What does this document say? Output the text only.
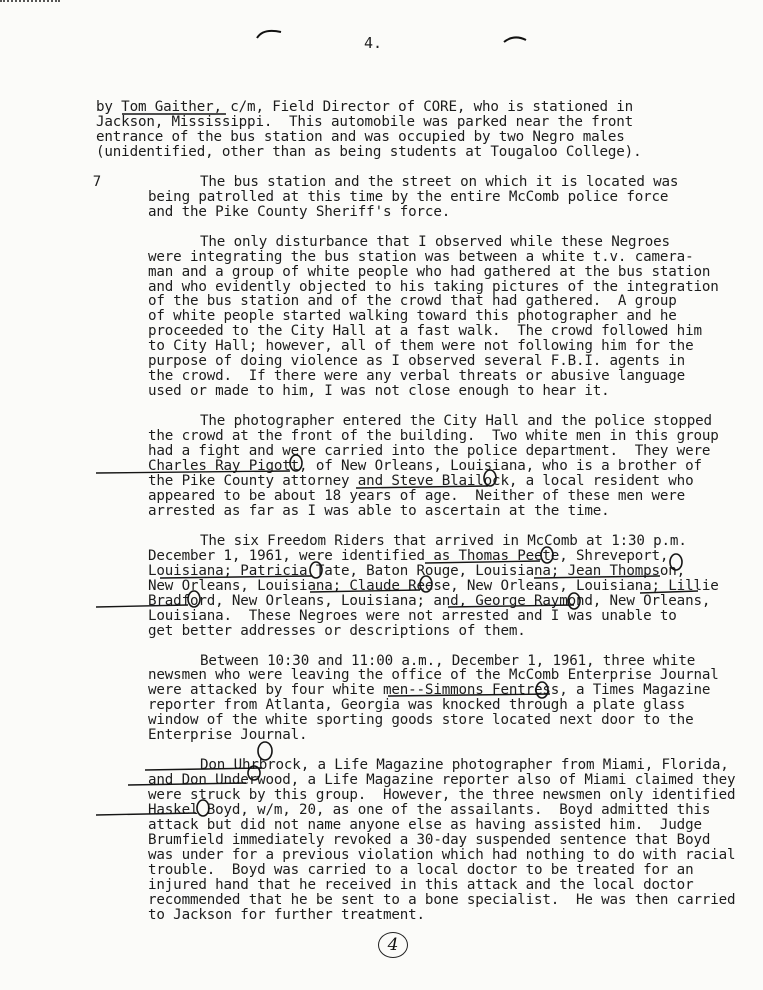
4.
by Tom Gaither, c/m, Field Director of CORE, who is stationed in
Jackson, Mississippi.  This automobile was parked near the front
entrance of the bus station and was occupied by two Negro males
(unidentified, other than as being students at Tougaloo College).
7	The bus station and the street on which it is located was
being patrolled at this time by the entire McComb police force
and the Pike County Sheriff's force.
The only disturbance that I observed while these Negroes
were integrating the bus station was between a white t.v. camera-
man and a group of white people who had gathered at the bus station
and who evidently objected to his taking pictures of the integration
of the bus station and of the crowd that had gathered.  A group
of white people started walking toward this photographer and he
proceeded to the City Hall at a fast walk.  The crowd followed him
to City Hall; however, all of them were not following him for the
purpose of doing violence as I observed several F.B.I. agents in
the crowd.  If there were any verbal threats or abusive language
used or made to him, I was not close enough to hear it.
The photographer entered the City Hall and the police stopped
the crowd at the front of the building.  Two white men in this group
had a fight and were carried into the police department.  They were
Charles Ray Pigott, of New Orleans, Louisiana, who is a brother of
the Pike County attorney and Steve Blailock, a local resident who
appeared to be about 18 years of age.  Neither of these men were
arrested as far as I was able to ascertain at the time.
The six Freedom Riders that arrived in McComb at 1:30 p.m.
December 1, 1961, were identified as Thomas Peete, Shreveport,
Louisiana; Patricia Tate, Baton Rouge, Louisiana; Jean Thompson,
New Orleans, Louisiana; Claude Reese, New Orleans, Louisiana; Lillie
Bradford, New Orleans, Louisiana; and, George Raymond, New Orleans,
Louisiana.  These Negroes were not arrested and I was unable to
get better addresses or descriptions of them.
Between 10:30 and 11:00 a.m., December 1, 1961, three white
newsmen who were leaving the office of the McComb Enterprise Journal
were attacked by four white men--Simmons Fentress, a Times Magazine
reporter from Atlanta, Georgia was knocked through a plate glass
window of the white sporting goods store located next door to the
Enterprise Journal.
Don Uhrbrock, a Life Magazine photographer from Miami, Florida,
and Don Underwood, a Life Magazine reporter also of Miami claimed they
were struck by this group.  However, the three newsmen only identified
Haskel Boyd, w/m, 20, as one of the assailants.  Boyd admitted this
attack but did not name anyone else as having assisted him.  Judge
Brumfield immediately revoked a 30-day suspended sentence that Boyd
was under for a previous violation which had nothing to do with racial
trouble.  Boyd was carried to a local doctor to be treated for an
injured hand that he received in this attack and the local doctor
recommended that he be sent to a bone specialist.  He was then carried
to Jackson for further treatment.
4
